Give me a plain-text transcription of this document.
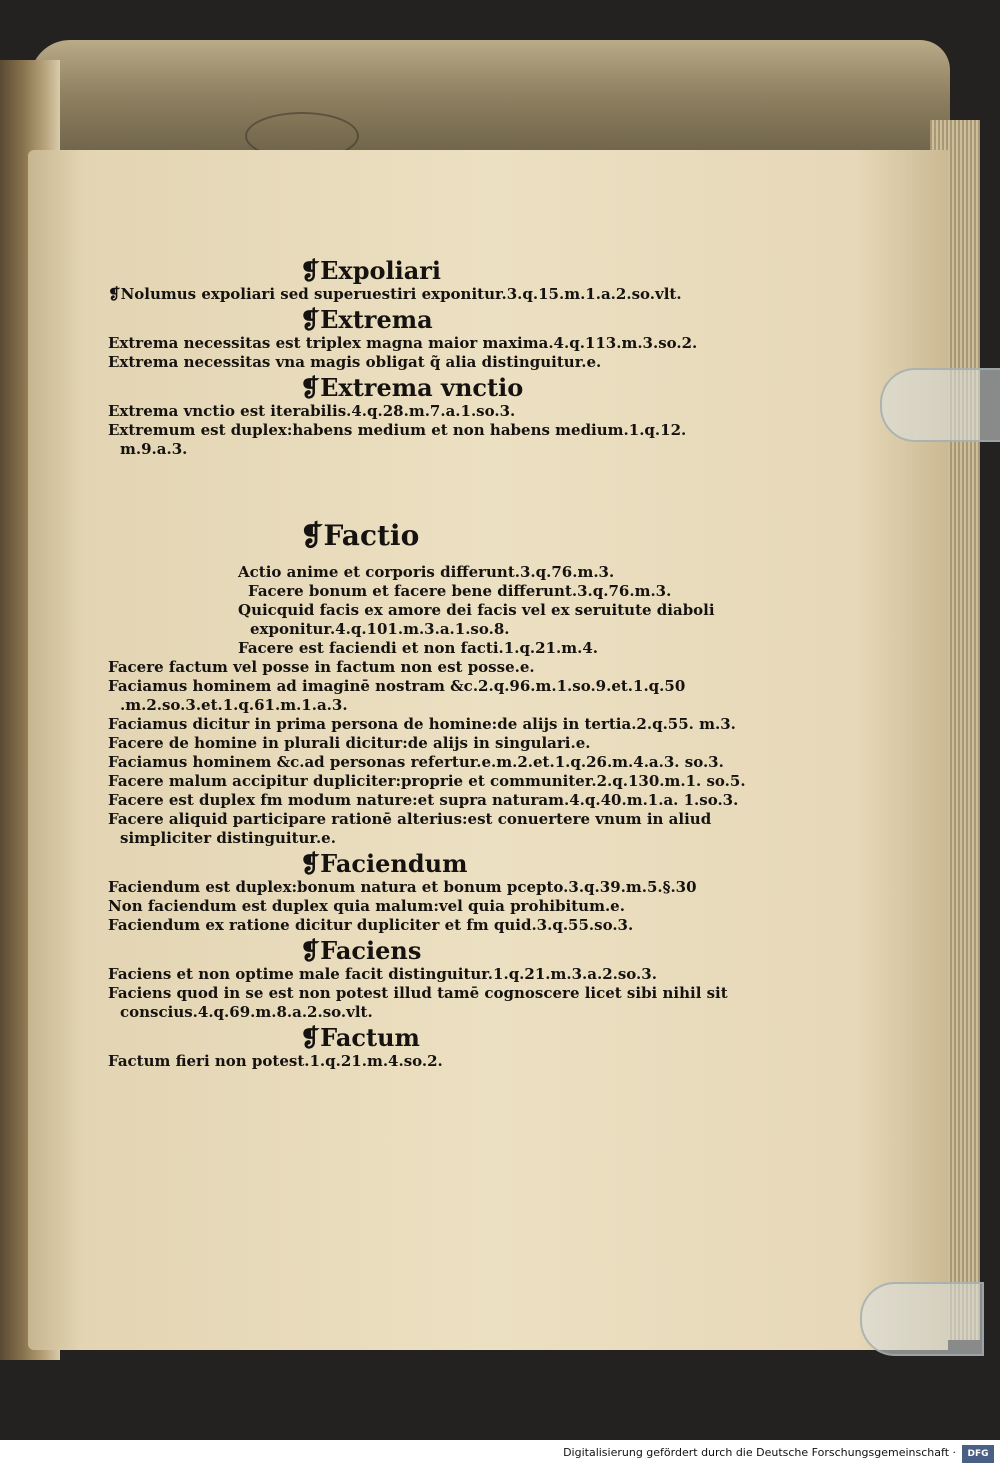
❡Expoliari
❡Nolumus expoliari sed superuestiri exponitur.3.q.15.m.1.a.2.so.vlt.
❡Extrema
Extrema necessitas est triplex magna maior maxima.4.q.113.m.3.so.2.
Extrema necessitas vna magis obligat q̃ alia distinguitur.e.
❡Extrema vnctio
Extrema vnctio est iterabilis.4.q.28.m.7.a.1.so.3.
Extremum est duplex:habens medium et non habens medium.1.q.12. m.9.a.3.
❡Factio
Actio anime et corporis differunt.3.q.76.m.3.
Facere bonum et facere bene differunt.3.q.76.m.3.
Quicquid facis ex amore dei facis vel ex seruitute diaboli exponitur.4.q.101.m.3.a.1.so.8.
Facere est faciendi et non facti.1.q.21.m.4.
Facere factum vel posse in factum non est posse.e.
Faciamus hominem ad imaginē nostram &c.2.q.96.m.1.so.9.et.1.q.50 .m.2.so.3.et.1.q.61.m.1.a.3.
Faciamus dicitur in prima persona de homine:de alijs in tertia.2.q.55. m.3.
Facere de homine in plurali dicitur:de alijs in singulari.e.
Faciamus hominem &c.ad personas refertur.e.m.2.et.1.q.26.m.4.a.3. so.3.
Facere malum accipitur dupliciter:proprie et communiter.2.q.130.m.1. so.5.
Facere est duplex fm modum nature:et supra naturam.4.q.40.m.1.a. 1.so.3.
Facere aliquid participare rationē alterius:est conuertere vnum in aliud simpliciter distinguitur.e.
❡Faciendum
Faciendum est duplex:bonum natura et bonum pcepto.3.q.39.m.5.§.30
Non faciendum est duplex quia malum:vel quia prohibitum.e.
Faciendum ex ratione dicitur dupliciter et fm quid.3.q.55.so.3.
❡Faciens
Faciens et non optime male facit distinguitur.1.q.21.m.3.a.2.so.3.
Faciens quod in se est non potest illud tamē cognoscere licet sibi nihil sit conscius.4.q.69.m.8.a.2.so.vlt.
❡Factum
Factum fieri non potest.1.q.21.m.4.so.2.
Digitalisierung gefördert durch die Deutsche Forschungsgemeinschaft ·	DFG
